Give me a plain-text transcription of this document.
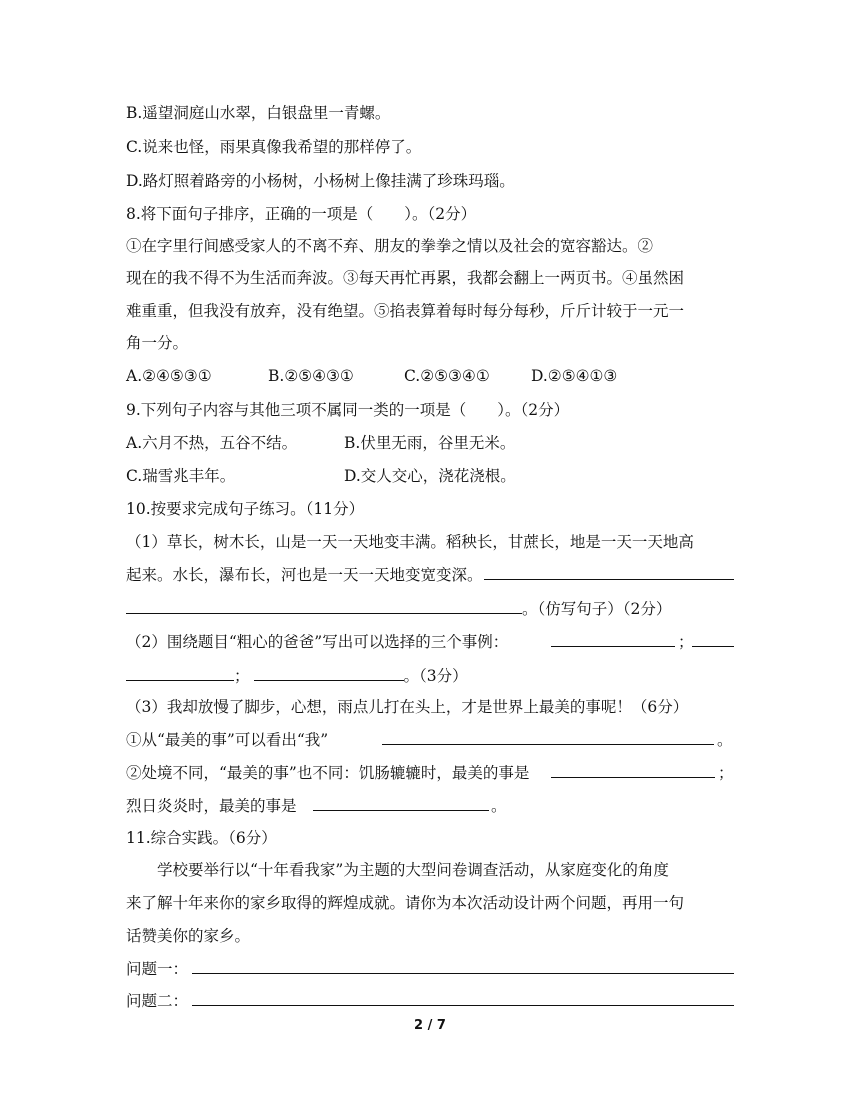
B.遥望洞庭山水翠，白银盘里一青螺。
C.说来也怪，雨果真像我希望的那样停了。
D.路灯照着路旁的小杨树，小杨树上像挂满了珍珠玛瑙。
8.将下面句子排序，正确的一项是（　　）。（2分）
①在字里行间感受家人的不离不弃、朋友的拳拳之情以及社会的宽容豁达。②
现在的我不得不为生活而奔波。③每天再忙再累，我都会翻上一两页书。④虽然困
难重重，但我没有放弃，没有绝望。⑤掐表算着每时每分每秒，斤斤计较于一元一
角一分。
A.②④⑤③①	B.②⑤④③①	C.②⑤③④①	D.②⑤④①③
9.下列句子内容与其他三项不属同一类的一项是（　　）。（2分）
A.六月不热，五谷不结。	B.伏里无雨，谷里无米。
C.瑞雪兆丰年。	D.交人交心，浇花浇根。
10.按要求完成句子练习。（11分）
（1）草长，树木长，山是一天一天地变丰满。稻秧长，甘蔗长，地是一天一天地高
起来。水长，瀑布长，河也是一天一天地变宽变深。
。（仿写句子）（2分）
（2）围绕题目“粗心的爸爸”写出可以选择的三个事例：	；
；	。（3分）
（3）我却放慢了脚步，心想，雨点儿打在头上，才是世界上最美的事呢！（6分）
①从“最美的事”可以看出“我”	。
②处境不同，“最美的事”也不同：饥肠辘辘时，最美的事是	；
烈日炎炎时，最美的事是	。
11.综合实践。（6分）
　　学校要举行以“十年看我家”为主题的大型问卷调查活动，从家庭变化的角度
来了解十年来你的家乡取得的辉煌成就。请你为本次活动设计两个问题，再用一句
话赞美你的家乡。
问题一：
问题二：
2 / 7
